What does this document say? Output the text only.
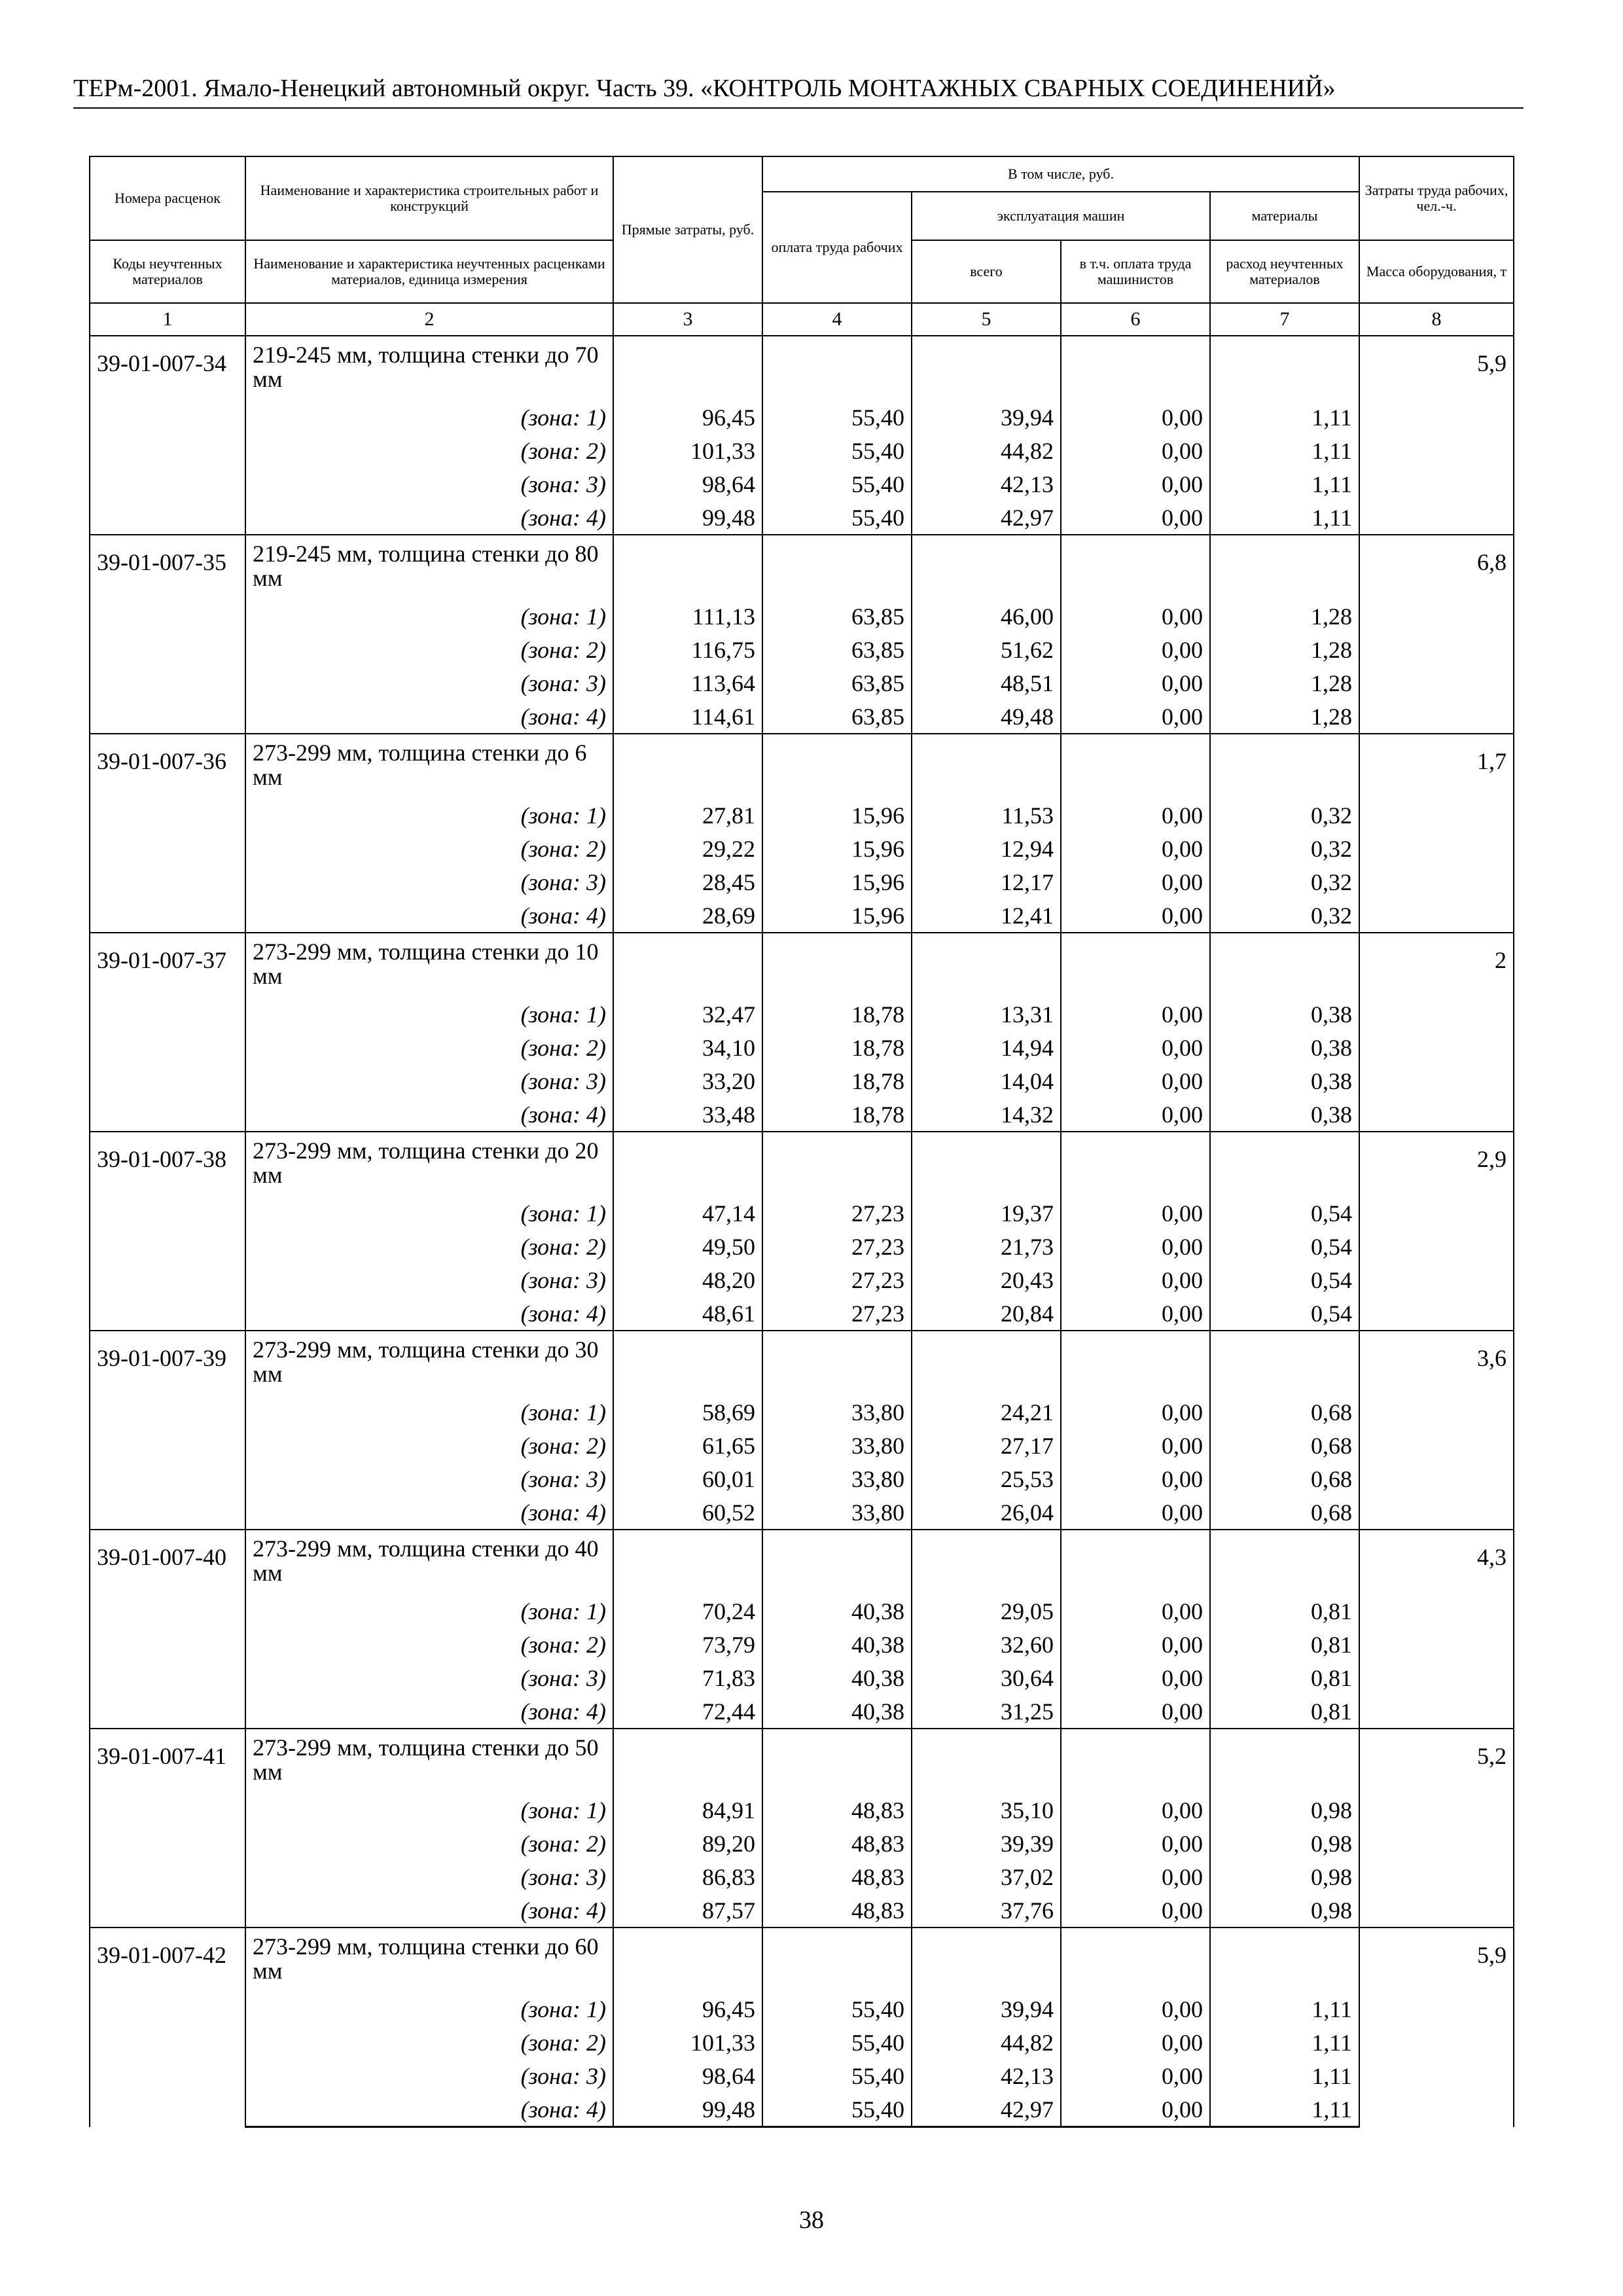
ТЕРм-2001. Ямало-Ненецкий автономный округ. Часть 39. «КОНТРОЛЬ МОНТАЖНЫХ СВАРНЫХ СОЕДИНЕНИЙ»
Номера расценок	Наименование и характеристика строительных работ и конструкций	Прямые затраты, руб.	В том числе, руб.				Затраты труда рабочих, чел.-ч.
			оплата труда рабочих	эксплуатация машин		материалы	
Коды неучтенных материалов	Наименование и характеристика неучтенных расценками материалов, единица измерения			всего	в т.ч. оплата труда машинистов	расход неучтенных материалов	Масса оборудования, т
1	2	3	4	5	6	7	8
39-01-007-34	219-245 мм, толщина стенки до 70 мм						5,9
	(зона: 1)	96,45	55,40	39,94	0,00	1,11	
	(зона: 2)	101,33	55,40	44,82	0,00	1,11	
	(зона: 3)	98,64	55,40	42,13	0,00	1,11	
	(зона: 4)	99,48	55,40	42,97	0,00	1,11	
39-01-007-35	219-245 мм, толщина стенки до 80 мм						6,8
	(зона: 1)	111,13	63,85	46,00	0,00	1,28	
	(зона: 2)	116,75	63,85	51,62	0,00	1,28	
	(зона: 3)	113,64	63,85	48,51	0,00	1,28	
	(зона: 4)	114,61	63,85	49,48	0,00	1,28	
39-01-007-36	273-299 мм, толщина стенки до 6 мм						1,7
	(зона: 1)	27,81	15,96	11,53	0,00	0,32	
	(зона: 2)	29,22	15,96	12,94	0,00	0,32	
	(зона: 3)	28,45	15,96	12,17	0,00	0,32	
	(зона: 4)	28,69	15,96	12,41	0,00	0,32	
39-01-007-37	273-299 мм, толщина стенки до 10 мм						2
	(зона: 1)	32,47	18,78	13,31	0,00	0,38	
	(зона: 2)	34,10	18,78	14,94	0,00	0,38	
	(зона: 3)	33,20	18,78	14,04	0,00	0,38	
	(зона: 4)	33,48	18,78	14,32	0,00	0,38	
39-01-007-38	273-299 мм, толщина стенки до 20 мм						2,9
	(зона: 1)	47,14	27,23	19,37	0,00	0,54	
	(зона: 2)	49,50	27,23	21,73	0,00	0,54	
	(зона: 3)	48,20	27,23	20,43	0,00	0,54	
	(зона: 4)	48,61	27,23	20,84	0,00	0,54	
39-01-007-39	273-299 мм, толщина стенки до 30 мм						3,6
	(зона: 1)	58,69	33,80	24,21	0,00	0,68	
	(зона: 2)	61,65	33,80	27,17	0,00	0,68	
	(зона: 3)	60,01	33,80	25,53	0,00	0,68	
	(зона: 4)	60,52	33,80	26,04	0,00	0,68	
39-01-007-40	273-299 мм, толщина стенки до 40 мм						4,3
	(зона: 1)	70,24	40,38	29,05	0,00	0,81	
	(зона: 2)	73,79	40,38	32,60	0,00	0,81	
	(зона: 3)	71,83	40,38	30,64	0,00	0,81	
	(зона: 4)	72,44	40,38	31,25	0,00	0,81	
39-01-007-41	273-299 мм, толщина стенки до 50 мм						5,2
	(зона: 1)	84,91	48,83	35,10	0,00	0,98	
	(зона: 2)	89,20	48,83	39,39	0,00	0,98	
	(зона: 3)	86,83	48,83	37,02	0,00	0,98	
	(зона: 4)	87,57	48,83	37,76	0,00	0,98	
39-01-007-42	273-299 мм, толщина стенки до 60 мм						5,9
	(зона: 1)	96,45	55,40	39,94	0,00	1,11	
	(зона: 2)	101,33	55,40	44,82	0,00	1,11	
	(зона: 3)	98,64	55,40	42,13	0,00	1,11	
	(зона: 4)	99,48	55,40	42,97	0,00	1,11	
38
